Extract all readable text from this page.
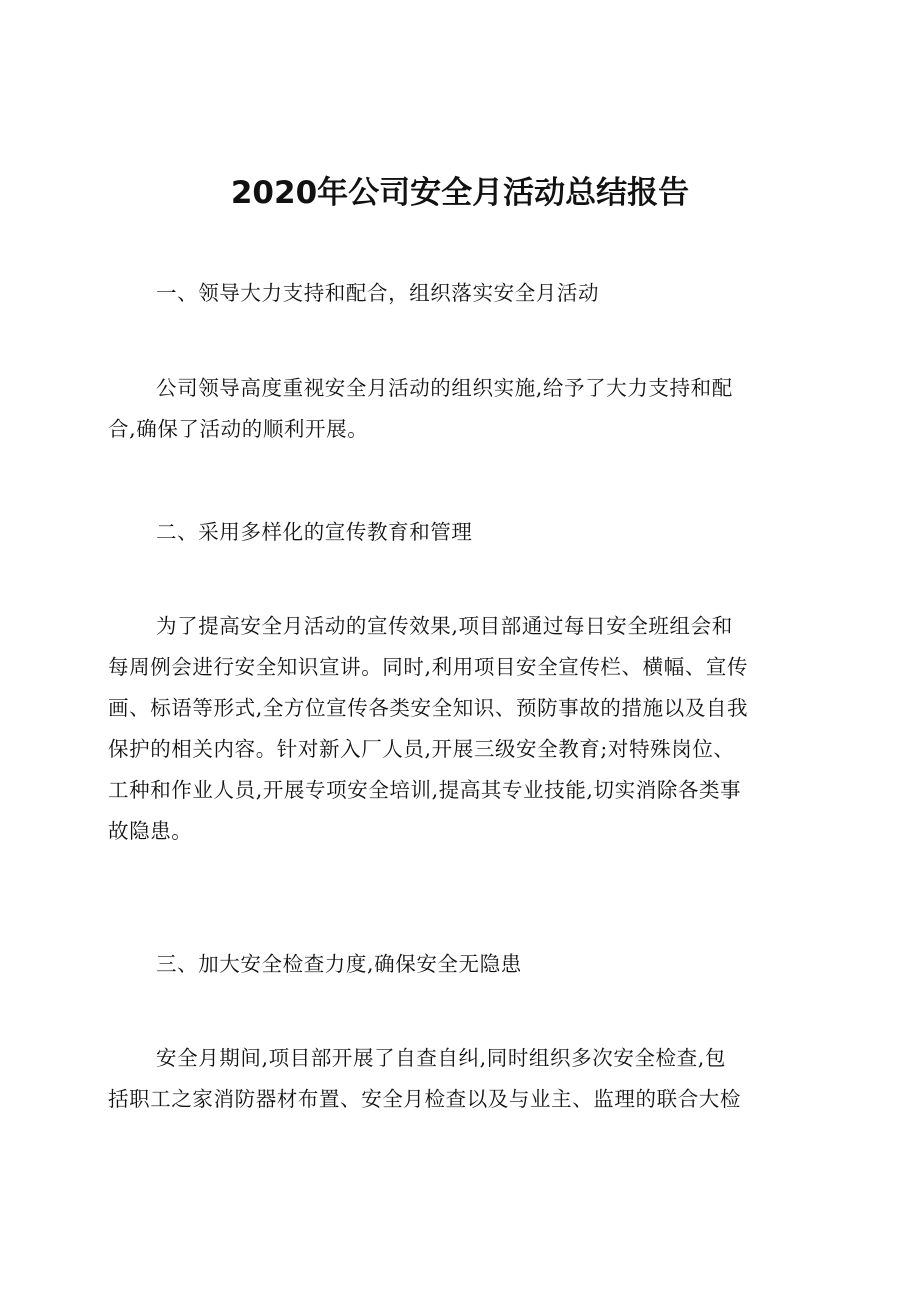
2020年公司安全月活动总结报告

一、领导大力支持和配合，组织落实安全月活动

公司领导高度重视安全月活动的组织实施,给予了大力支持和配
合,确保了活动的顺利开展。

二、采用多样化的宣传教育和管理

为了提高安全月活动的宣传效果,项目部通过每日安全班组会和
每周例会进行安全知识宣讲。同时,利用项目安全宣传栏、横幅、宣传
画、标语等形式,全方位宣传各类安全知识、预防事故的措施以及自我
保护的相关内容。针对新入厂人员,开展三级安全教育;对特殊岗位、
工种和作业人员,开展专项安全培训,提高其专业技能,切实消除各类事
故隐患。

三、加大安全检查力度,确保安全无隐患

安全月期间,项目部开展了自查自纠,同时组织多次安全检查,包
括职工之家消防器材布置、安全月检查以及与业主、监理的联合大检
